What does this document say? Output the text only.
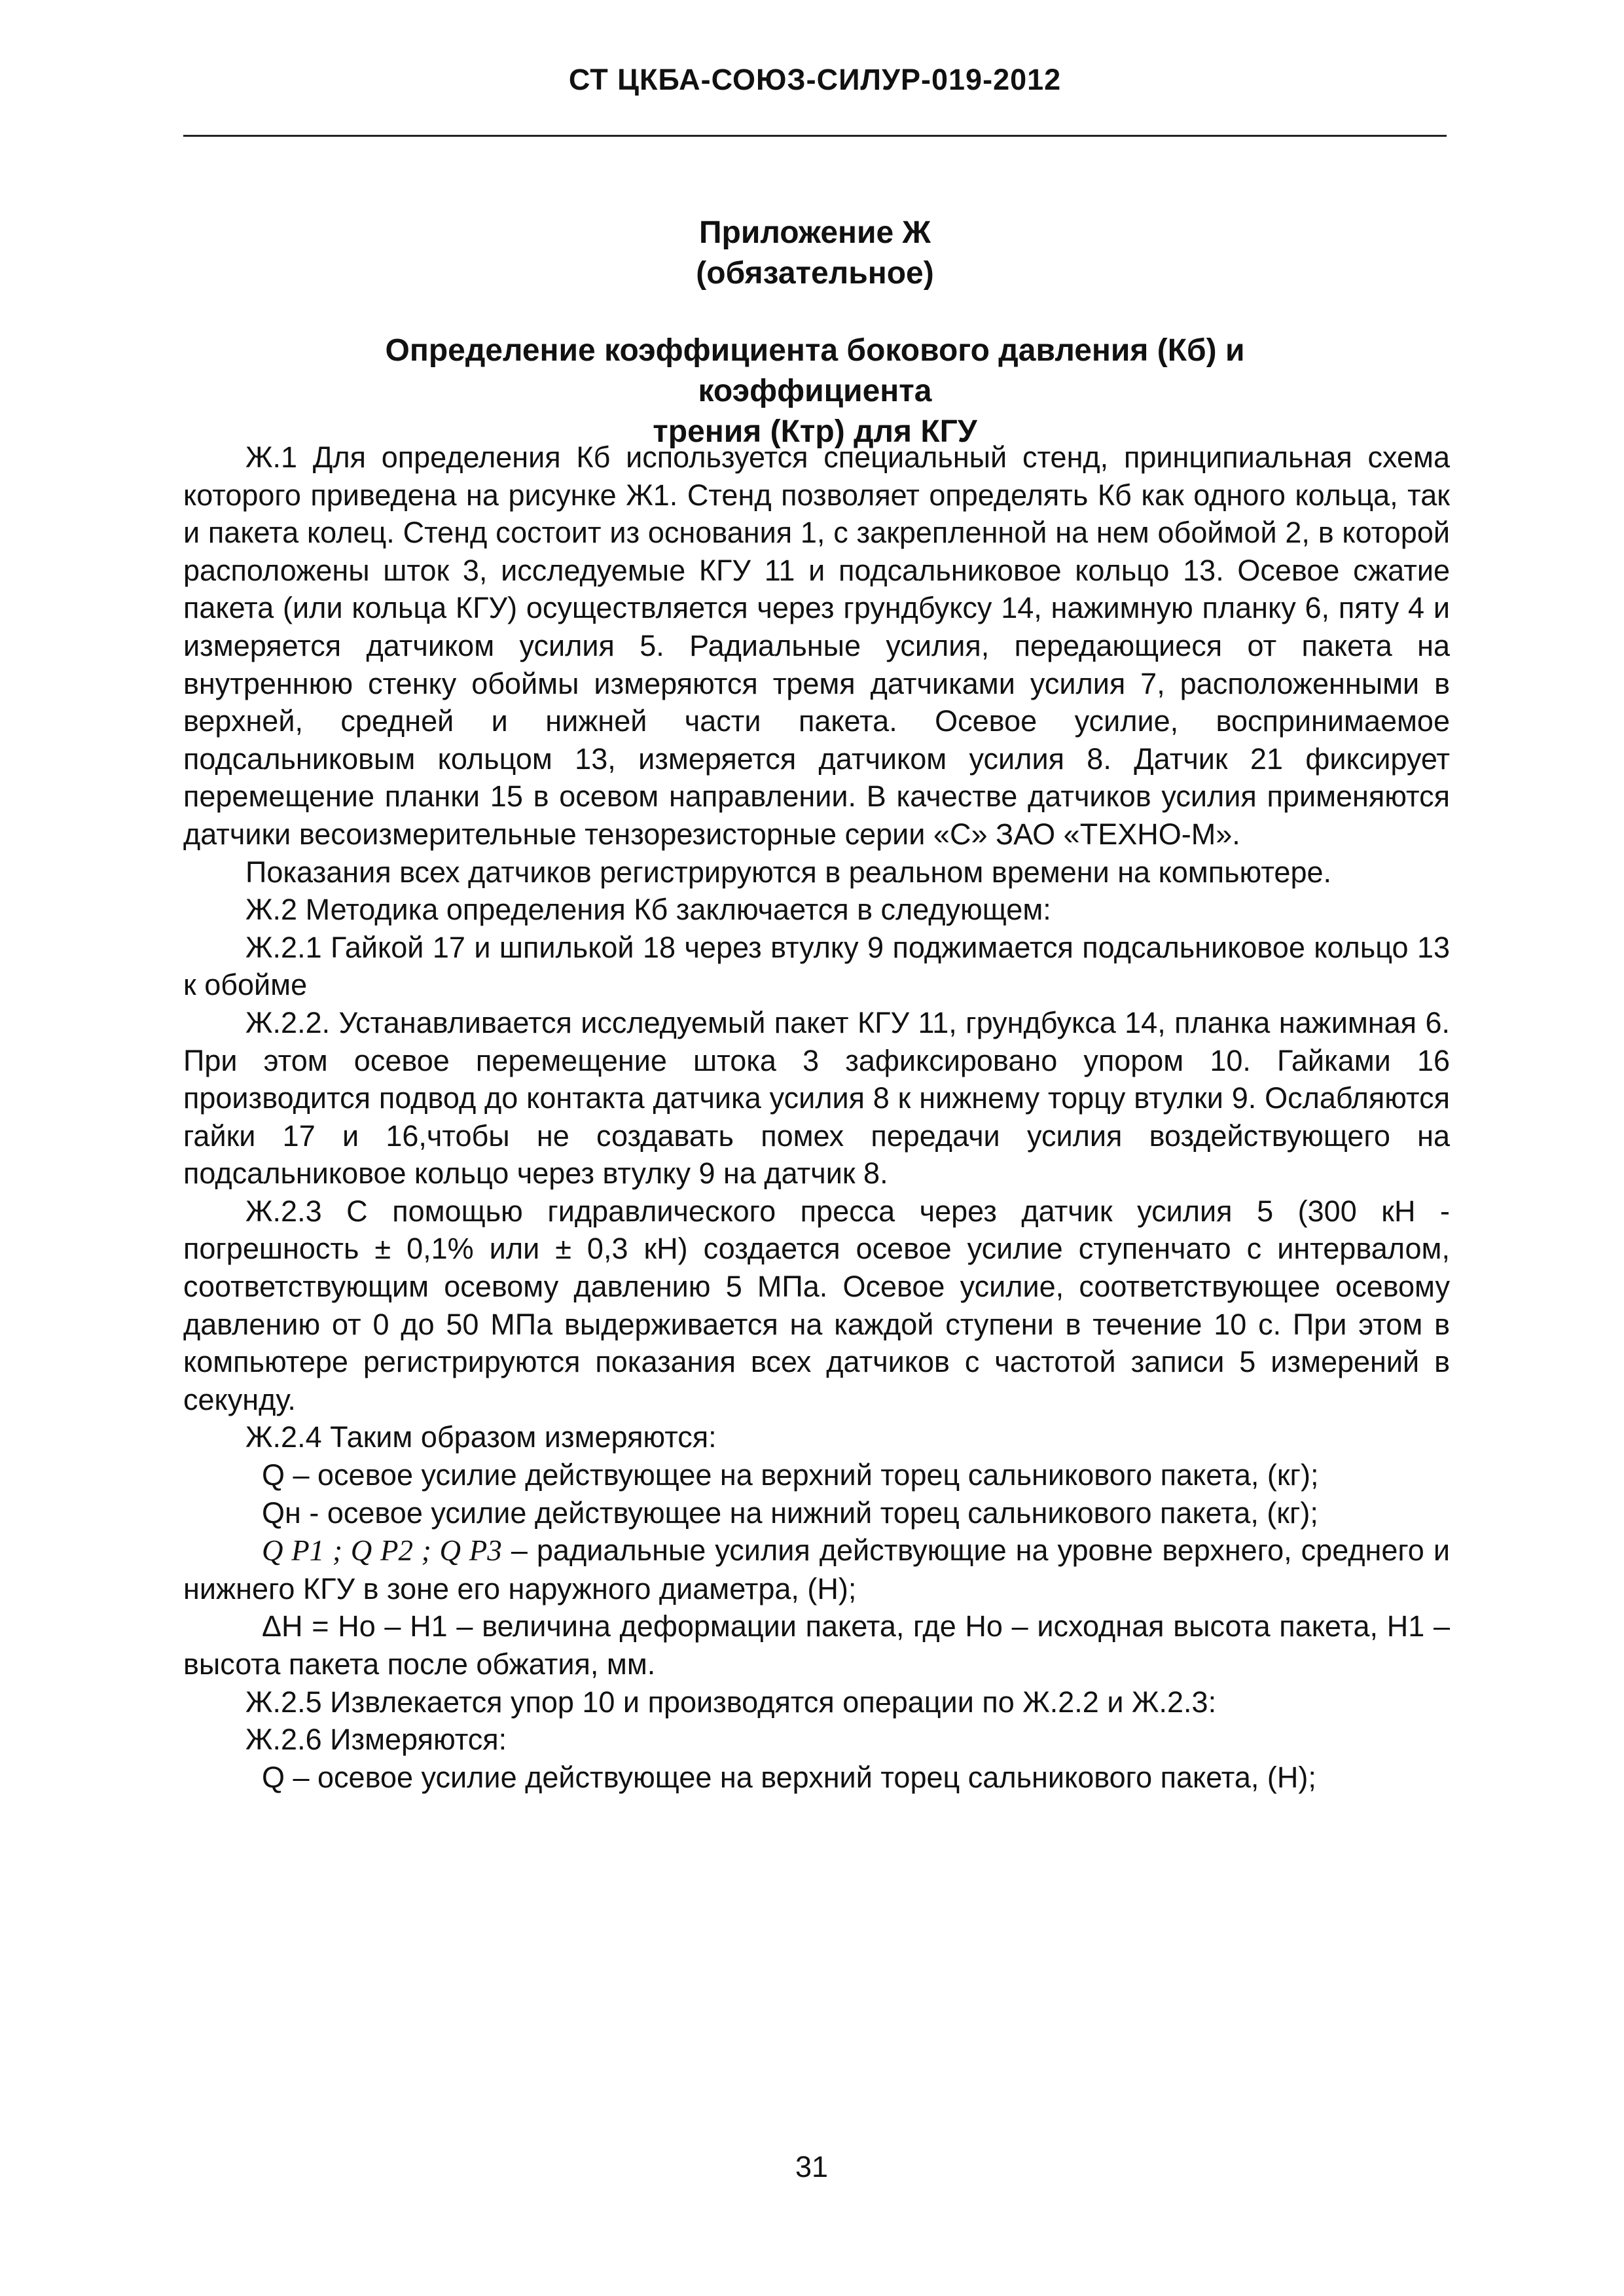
СТ ЦКБА-СОЮЗ-СИЛУР-019-2012
Приложение Ж
(обязательное)
Определение коэффициента бокового давления (Кб) и коэффициента
трения (Ктр) для КГУ

Ж.1 Для определения Кб используется специальный стенд, принципиальная схема которого приведена на рисунке Ж1. Стенд позволяет определять Кб как одного кольца, так и пакета колец. Стенд состоит из основания 1, с закрепленной на нем обоймой 2, в которой расположены шток 3, исследуемые КГУ 11 и подсальниковое кольцо 13. Осевое сжатие пакета (или кольца КГУ) осуществляется через грундбуксу 14, нажимную планку 6, пяту 4 и измеряется датчиком усилия 5. Радиальные усилия, передающиеся от пакета на внутреннюю стенку обоймы измеряются тремя датчиками усилия 7, расположенными в верхней, средней и нижней части пакета. Осевое усилие, воспринимаемое подсальниковым кольцом 13, измеряется датчиком усилия 8. Датчик 21 фиксирует перемещение планки 15 в осевом направлении. В качестве датчиков усилия применяются датчики весоизмерительные тензорезисторные серии «С» ЗАО «ТЕХНО-М».

Показания всех датчиков регистрируются в реальном времени на компьютере.

Ж.2 Методика определения Кб заключается в следующем:

Ж.2.1 Гайкой 17 и шпилькой 18 через втулку 9 поджимается подсальниковое кольцо 13 к обойме

Ж.2.2. Устанавливается исследуемый пакет КГУ 11, грундбукса 14, планка нажимная 6. При этом осевое перемещение штока 3 зафиксировано упором 10. Гайками 16 производится подвод до контакта датчика усилия 8 к нижнему торцу втулки 9. Ослабляются гайки 17 и 16,чтобы не создавать помех передачи усилия воздействующего на подсальниковое кольцо через втулку 9 на датчик 8.

Ж.2.3 С помощью гидравлического пресса через датчик усилия 5 (300 кН - погрешность ± 0,1% или ± 0,3 кН) создается осевое усилие ступенчато с интервалом, соответствующим осевому давлению 5 МПа. Осевое усилие, соответствующее осевому давлению от 0 до 50 МПа выдерживается на каждой ступени в течение 10 с. При этом в компьютере регистрируются показания всех датчиков с частотой записи 5 измерений в секунду.

Ж.2.4 Таким образом измеряются:

Q – осевое усилие действующее на верхний торец сальникового пакета, (кг);

Qн - осевое усилие действующее на нижний торец сальникового пакета, (кг);

Q P1 ; Q P2 ; Q P3 – радиальные усилия действующие на уровне верхнего, среднего и нижнего КГУ в зоне его наружного диаметра, (Н);

ΔН = Но – Н1 – величина деформации пакета, где Но – исходная высота пакета, Н1 – высота пакета после обжатия, мм.

Ж.2.5 Извлекается упор 10 и производятся операции по Ж.2.2 и Ж.2.3:

Ж.2.6 Измеряются:

Q – осевое усилие действующее на верхний торец сальникового пакета, (Н);

31
